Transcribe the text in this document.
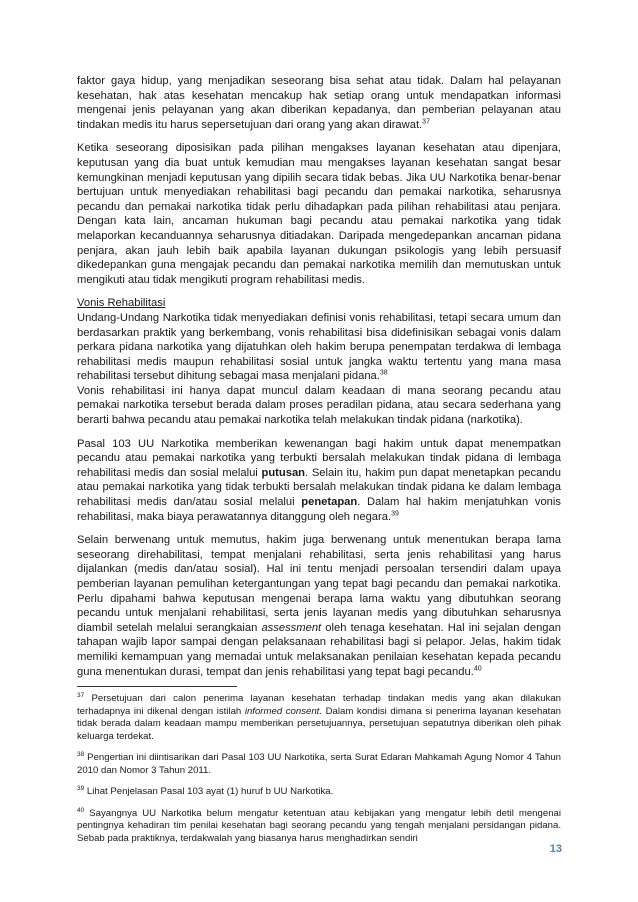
faktor gaya hidup, yang menjadikan seseorang bisa sehat atau tidak. Dalam hal pelayanan kesehatan, hak atas kesehatan mencakup hak setiap orang untuk mendapatkan informasi mengenai jenis pelayanan yang akan diberikan kepadanya, dan pemberian pelayanan atau tindakan medis itu harus sepersetujuan dari orang yang akan dirawat.$^{37}$

Ketika seseorang diposisikan pada pilihan mengakses layanan kesehatan atau dipenjara, keputusan yang dia buat untuk kemudian mau mengakses layanan kesehatan sangat besar kemungkinan menjadi keputusan yang dipilih secara tidak bebas. Jika UU Narkotika benar-benar bertujuan untuk menyediakan rehabilitasi bagi pecandu dan pemakai narkotika, seharusnya pecandu dan pemakai narkotika tidak perlu dihadapkan pada pilihan rehabilitasi atau penjara. Dengan kata lain, ancaman hukuman bagi pecandu atau pemakai narkotika yang tidak melaporkan kecanduannya seharusnya ditiadakan. Daripada mengedepankan ancaman pidana penjara, akan jauh lebih baik apabila layanan dukungan psikologis yang lebih persuasif dikedepankan guna mengajak pecandu dan pemakai narkotika memilih dan memutuskan untuk mengikuti atau tidak mengikuti program rehabilitasi medis.

Vonis Rehabilitasi

Undang-Undang Narkotika tidak menyediakan definisi vonis rehabilitasi, tetapi secara umum dan berdasarkan praktik yang berkembang, vonis rehabilitasi bisa didefinisikan sebagai vonis dalam perkara pidana narkotika yang dijatuhkan oleh hakim berupa penempatan terdakwa di lembaga rehabilitasi medis maupun rehabilitasi sosial untuk jangka waktu tertentu yang mana masa rehabilitasi tersebut dihitung sebagai masa menjalani pidana.$^{38}$

Vonis rehabilitasi ini hanya dapat muncul dalam keadaan di mana seorang pecandu atau pemakai narkotika tersebut berada dalam proses peradilan pidana, atau secara sederhana yang berarti bahwa pecandu atau pemakai narkotika telah melakukan tindak pidana (narkotika).

Pasal 103 UU Narkotika memberikan kewenangan bagi hakim untuk dapat menempatkan pecandu atau pemakai narkotika yang terbukti bersalah melakukan tindak pidana di lembaga rehabilitasi medis dan sosial melalui putusan. Selain itu, hakim pun dapat menetapkan pecandu atau pemakai narkotika yang tidak terbukti bersalah melakukan tindak pidana ke dalam lembaga rehabilitasi medis dan/atau sosial melalui penetapan. Dalam hal hakim menjatuhkan vonis rehabilitasi, maka biaya perawatannya ditanggung oleh negara.$^{39}$

Selain berwenang untuk memutus, hakim juga berwenang untuk menentukan berapa lama seseorang direhabilitasi, tempat menjalani rehabilitasi, serta jenis rehabilitasi yang harus dijalankan (medis dan/atau sosial). Hal ini tentu menjadi persoalan tersendiri dalam upaya pemberian layanan pemulihan ketergantungan yang tepat bagi pecandu dan pemakai narkotika. Perlu dipahami bahwa keputusan mengenai berapa lama waktu yang dibutuhkan seorang pecandu untuk menjalani rehabilitasi, serta jenis layanan medis yang dibutuhkan seharusnya diambil setelah melalui serangkaian assessment oleh tenaga kesehatan. Hal ini sejalan dengan tahapan wajib lapor sampai dengan pelaksanaan rehabilitasi bagi si pelapor. Jelas, hakim tidak memiliki kemampuan yang memadai untuk melaksanakan penilaian kesehatan kepada pecandu guna menentukan durasi, tempat dan jenis rehabilitasi yang tepat bagi pecandu.$^{40}$

$^{37}$ Persetujuan dari calon penerima layanan kesehatan terhadap tindakan medis yang akan dilakukan terhadapnya ini dikenal dengan istilah informed consent. Dalam kondisi dimana si penerima layanan kesehatan tidak berada dalam keadaan mampu memberikan persetujuannya, persetujuan sepatutnya diberikan oleh pihak keluarga terdekat.

$^{38}$ Pengertian ini diintisarikan dari Pasal 103 UU Narkotika, serta Surat Edaran Mahkamah Agung Nomor 4 Tahun 2010 dan Nomor 3 Tahun 2011.

$^{39}$ Lihat Penjelasan Pasal 103 ayat (1) huruf b UU Narkotika.

$^{40}$ Sayangnya UU Narkotika belum mengatur ketentuan atau kebijakan yang mengatur lebih detil mengenai pentingnya kehadiran tim penilai kesehatan bagi seorang pecandu yang tengah menjalani persidangan pidana. Sebab pada praktiknya, terdakwalah yang biasanya harus menghadirkan sendiri

13
